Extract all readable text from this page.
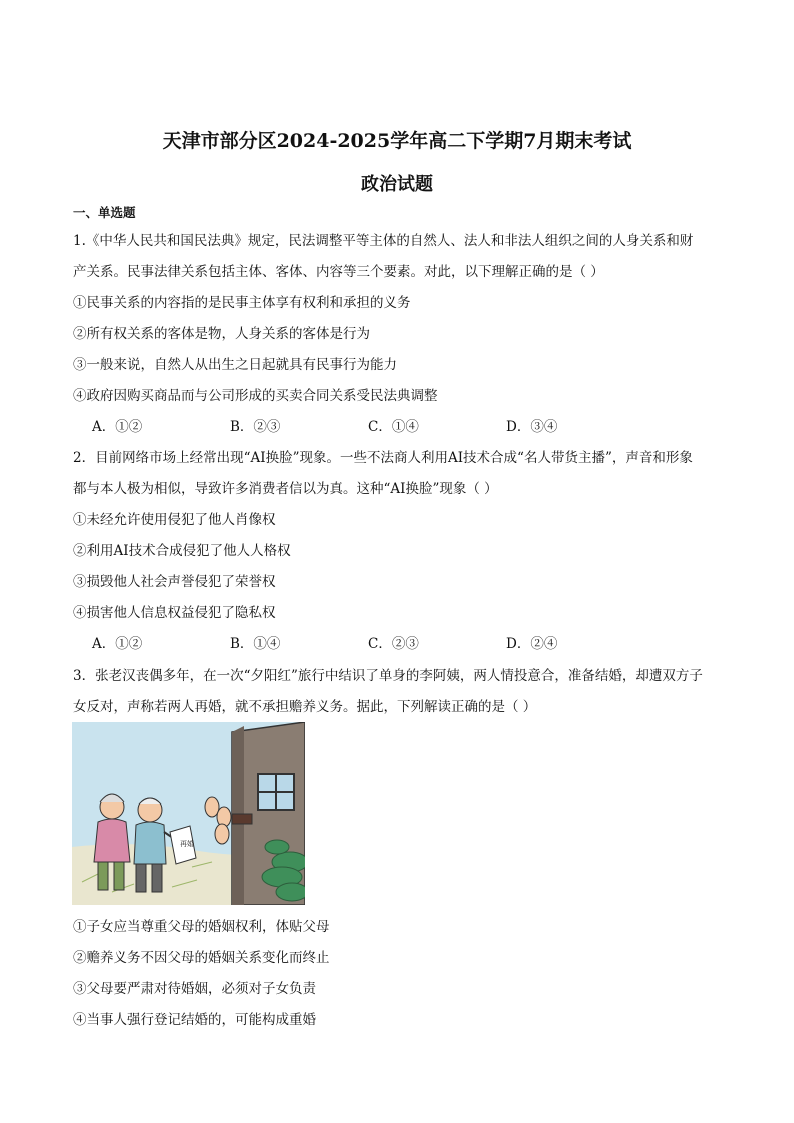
天津市部分区2024-2025学年高二下学期7月期末考试
政治试题
一、单选题
1.《中华人民共和国民法典》规定，民法调整平等主体的自然人、法人和非法人组织之间的人身关系和财
产关系。民事法律关系包括主体、客体、内容等三个要素。对此，以下理解正确的是（ ）
①民事关系的内容指的是民事主体享有权利和承担的义务
②所有权关系的客体是物，人身关系的客体是行为
③一般来说，自然人从出生之日起就具有民事行为能力
④政府因购买商品而与公司形成的买卖合同关系受民法典调整
A．①②	B．②③	C．①④	D．③④
2．目前网络市场上经常出现“AI换脸”现象。一些不法商人利用AI技术合成“名人带货主播”，声音和形象
都与本人极为相似，导致许多消费者信以为真。这种“AI换脸”现象（ ）
①未经允许使用侵犯了他人肖像权
②利用AI技术合成侵犯了他人人格权
③损毁他人社会声誉侵犯了荣誉权
④损害他人信息权益侵犯了隐私权
A．①②	B．①④	C．②③	D．②④
3．张老汉丧偶多年，在一次“夕阳红”旅行中结识了单身的李阿姨，两人情投意合，准备结婚，却遭双方子
女反对，声称若两人再婚，就不承担赡养义务。据此，下列解读正确的是（ ）
再婚
①子女应当尊重父母的婚姻权利，体贴父母
②赡养义务不因父母的婚姻关系变化而终止
③父母要严肃对待婚姻，必须对子女负责
④当事人强行登记结婚的，可能构成重婚
